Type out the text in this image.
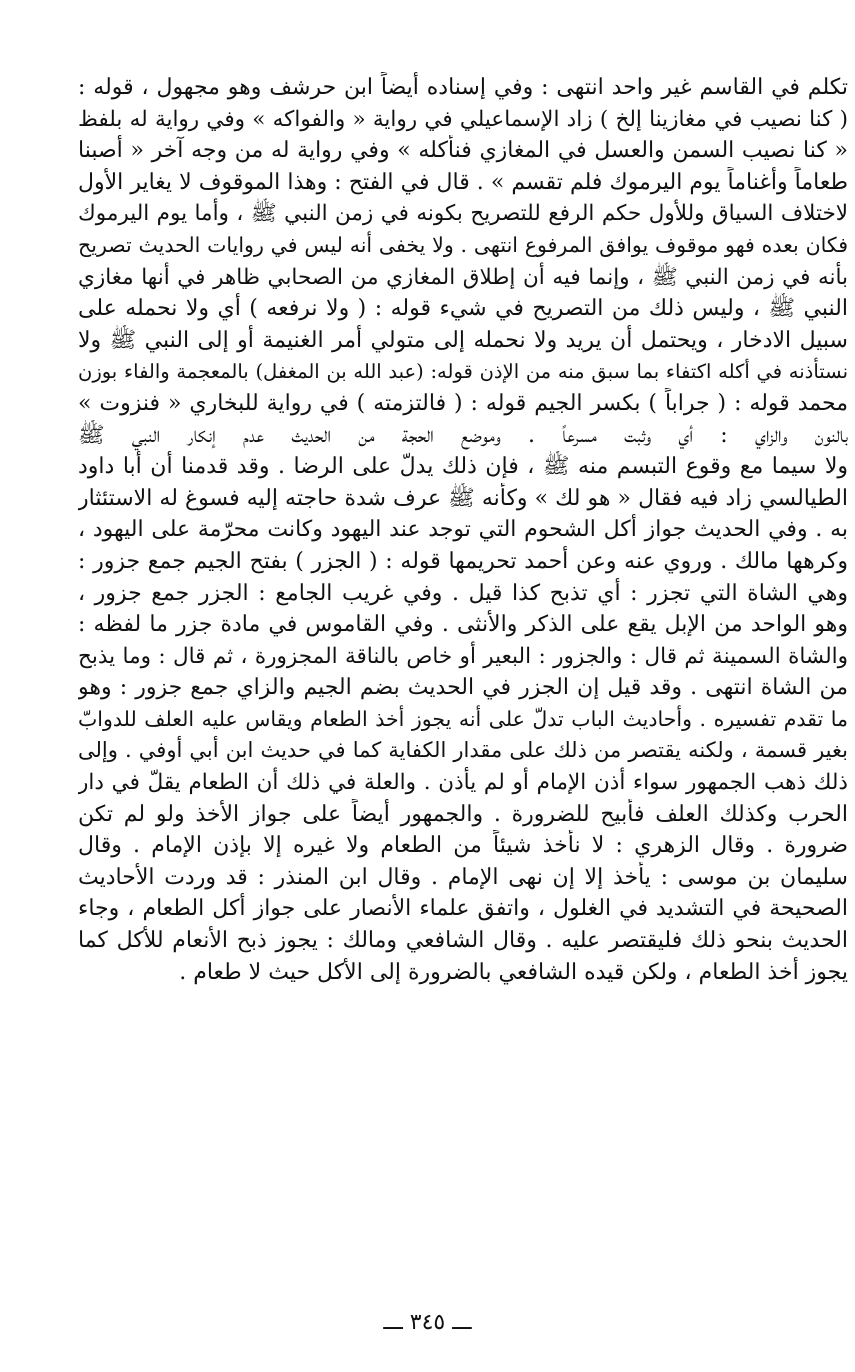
تكلم في القاسم غير واحد انتهى : وفي إسناده أيضاً ابن حرشف وهو مجهول ، قوله :
( كنا نصيب في مغازينا إلخ ) زاد الإسماعيلي في رواية « والفواكه » وفي رواية له بلفظ
« كنا نصيب السمن والعسل في المغازي فنأكله » وفي رواية له من وجه آخر « أصبنا
طعاماً وأغناماً يوم اليرموك فلم تقسم » . قال في الفتح : وهذا الموقوف لا يغاير الأول
لاختلاف السياق وللأول حكم الرفع للتصريح بكونه في زمن النبي ﷺ ، وأما يوم اليرموك
فكان بعده فهو موقوف يوافق المرفوع انتهى . ولا يخفى أنه ليس في روايات الحديث تصريح
بأنه في زمن النبي ﷺ ، وإنما فيه أن إطلاق المغازي من الصحابي ظاهر في أنها مغازي
النبي ﷺ ، وليس ذلك من التصريح في شيء قوله : ( ولا نرفعه ) أي ولا نحمله على
سبيل الادخار ، ويحتمل أن يريد ولا نحمله إلى متولي أمر الغنيمة أو إلى النبي ﷺ ولا
نستأذنه في أكله اكتفاء بما سبق منه من الإذن قوله: (عبد الله بن المغفل) بالمعجمة والفاء بوزن
محمد قوله : ( جراباً ) بكسر الجيم قوله : ( فالتزمته ) في رواية للبخاري « فنزوت »
بالنون والزاي : أي وثبت مسرعاً . وموضع الحجة من الحديث عدم إنكار النبي ﷺ
ولا سيما مع وقوع التبسم منه ﷺ ، فإن ذلك يدلّ على الرضا . وقد قدمنا أن أبا داود
الطيالسي زاد فيه فقال « هو لك » وكأنه ﷺ عرف شدة حاجته إليه فسوغ له الاستئثار
به . وفي الحديث جواز أكل الشحوم التي توجد عند اليهود وكانت محرّمة على اليهود ،
وكرهها مالك . وروي عنه وعن أحمد تحريمها قوله : ( الجزر ) بفتح الجيم جمع جزور :
وهي الشاة التي تجزر : أي تذبح كذا قيل . وفي غريب الجامع : الجزر جمع جزور ،
وهو الواحد من الإبل يقع على الذكر والأنثى . وفي القاموس في مادة جزر ما لفظه :
والشاة السمينة ثم قال : والجزور : البعير أو خاص بالناقة المجزورة ، ثم قال : وما يذبح
من الشاة انتهى . وقد قيل إن الجزر في الحديث بضم الجيم والزاي جمع جزور : وهو
ما تقدم تفسيره . وأحاديث الباب تدلّ على أنه يجوز أخذ الطعام ويقاس عليه العلف للدوابّ
بغير قسمة ، ولكنه يقتصر من ذلك على مقدار الكفاية كما في حديث ابن أبي أوفي . وإلى
ذلك ذهب الجمهور سواء أذن الإمام أو لم يأذن . والعلة في ذلك أن الطعام يقلّ في دار
الحرب وكذلك العلف فأبيح للضرورة . والجمهور أيضاً على جواز الأخذ ولو لم تكن
ضرورة . وقال الزهري : لا نأخذ شيئاً من الطعام ولا غيره إلا بإذن الإمام . وقال
سليمان بن موسى : يأخذ إلا إن نهى الإمام . وقال ابن المنذر : قد وردت الأحاديث
الصحيحة في التشديد في الغلول ، واتفق علماء الأنصار على جواز أكل الطعام ، وجاء
الحديث بنحو ذلك فليقتصر عليه . وقال الشافعي ومالك : يجوز ذبح الأنعام للأكل كما
يجوز أخذ الطعام ، ولكن قيده الشافعي بالضرورة إلى الأكل حيث لا طعام .
ـــ ٣٤٥ ـــ
